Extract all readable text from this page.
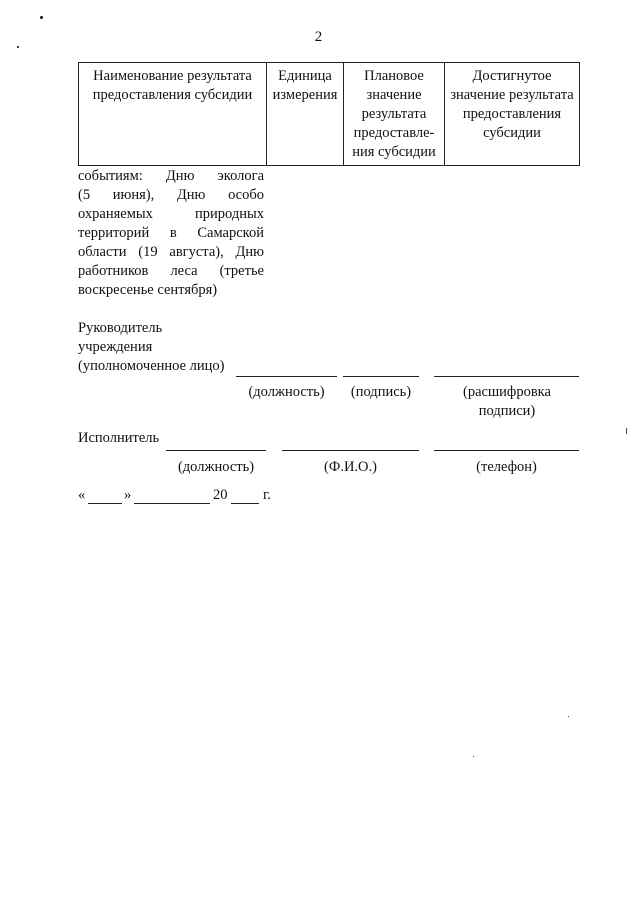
2
Наименование результата предоставления субсидии	Единица измерения	Плановое значение результата предоставле-ния субсидии	Достигнутое значение результата предоставления субсидии
событиям: Дню эколога
(5 июня), Дню особо
охраняемых природных
территорий в Самарской
области (19 августа), Дню
работников леса (третье
воскресенье сентября)
Руководитель
учреждения
(уполномоченное лицо)
(должность)	(подпись)	(расшифровка подписи)
Исполнитель
(должность)	(Ф.И.О.)	(телефон)
«	»	20 г.
